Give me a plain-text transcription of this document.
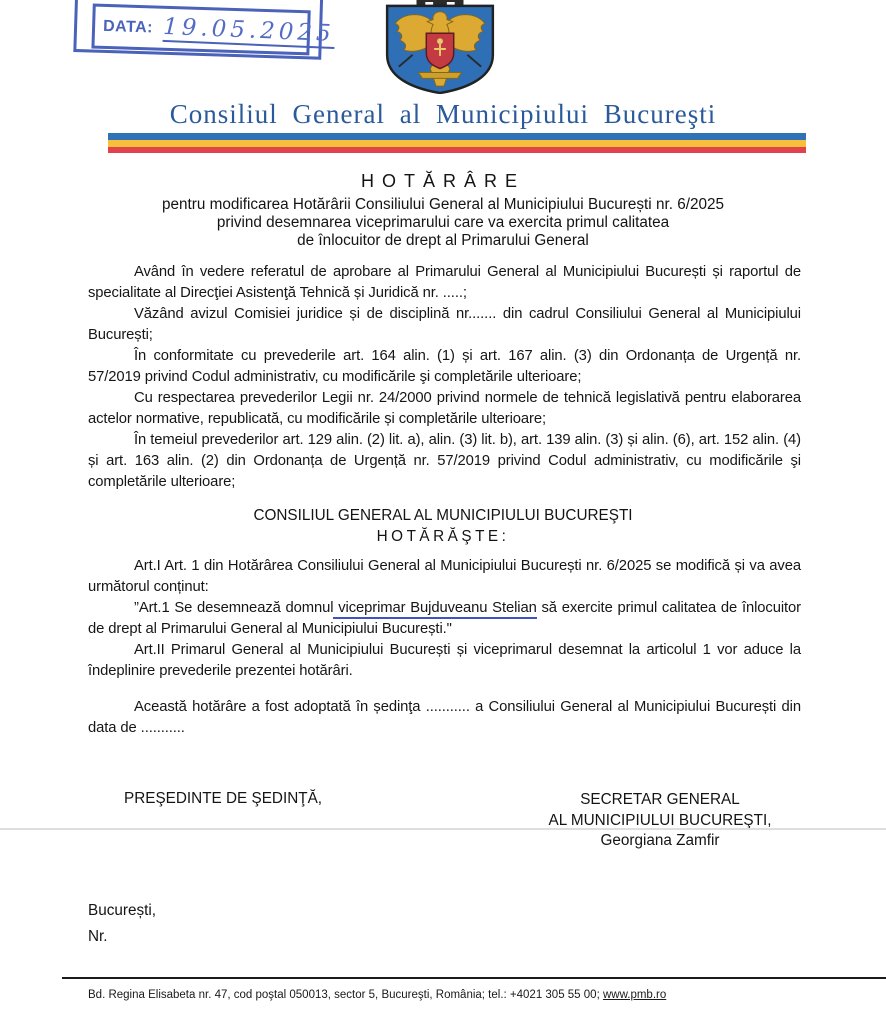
DATA: 19.05.2025
Consiliul General al Municipiului Bucureşti
HOTĂRÂRE
pentru modificarea Hotărârii Consiliului General al Municipiului București nr. 6/2025
privind desemnarea viceprimarului care va exercita primul calitatea
de înlocuitor de drept al Primarului General

Având în vedere referatul de aprobare al Primarului General al Municipiului București și raportul de specialitate al Direcţiei Asistenţă Tehnică și Juridică nr. .....;

Văzând avizul Comisiei juridice și de disciplină nr....... din cadrul Consiliului General al Municipiului București;

În conformitate cu prevederile art. 164 alin. (1) și art. 167 alin. (3) din Ordonanța de Urgență nr. 57/2019 privind Codul administrativ, cu modificările şi completările ulterioare;

Cu respectarea prevederilor Legii nr. 24/2000 privind normele de tehnică legislativă pentru elaborarea actelor normative, republicată, cu modificările și completările ulterioare;

În temeiul prevederilor art. 129 alin. (2) lit. a), alin. (3) lit. b), art. 139 alin. (3) și alin. (6), art. 152 alin. (4) și art. 163 alin. (2) din Ordonanța de Urgență nr. 57/2019 privind Codul administrativ, cu modificările şi completările ulterioare;

CONSILIUL GENERAL AL MUNICIPIULUI BUCUREŞTI
HOTĂRĂŞTE:

Art.I Art. 1 din Hotărârea Consiliului General al Municipiului București nr. 6/2025 se modifică și va avea următorul conținut:

”Art.1 Se desemnează domnul viceprimar Bujduveanu Stelian să exercite primul calitatea de înlocuitor de drept al Primarului General al Municipiului București."

Art.II Primarul General al Municipiului București și viceprimarul desemnat la articolul 1 vor aduce la îndeplinire prevederile prezentei hotărâri.

Această hotărâre a fost adoptată în ședinţa ........... a Consiliului General al Municipiului București din data de ...........

PREŞEDINTE DE ŞEDINŢĂ,	SECRETAR GENERAL
AL MUNICIPIULUI BUCUREŞTI,
Georgiana Zamfir
București,
Nr.
Bd. Regina Elisabeta nr. 47, cod poştal 050013, sector 5, Bucureşti, România; tel.: +4021 305 55 00; www.pmb.ro
